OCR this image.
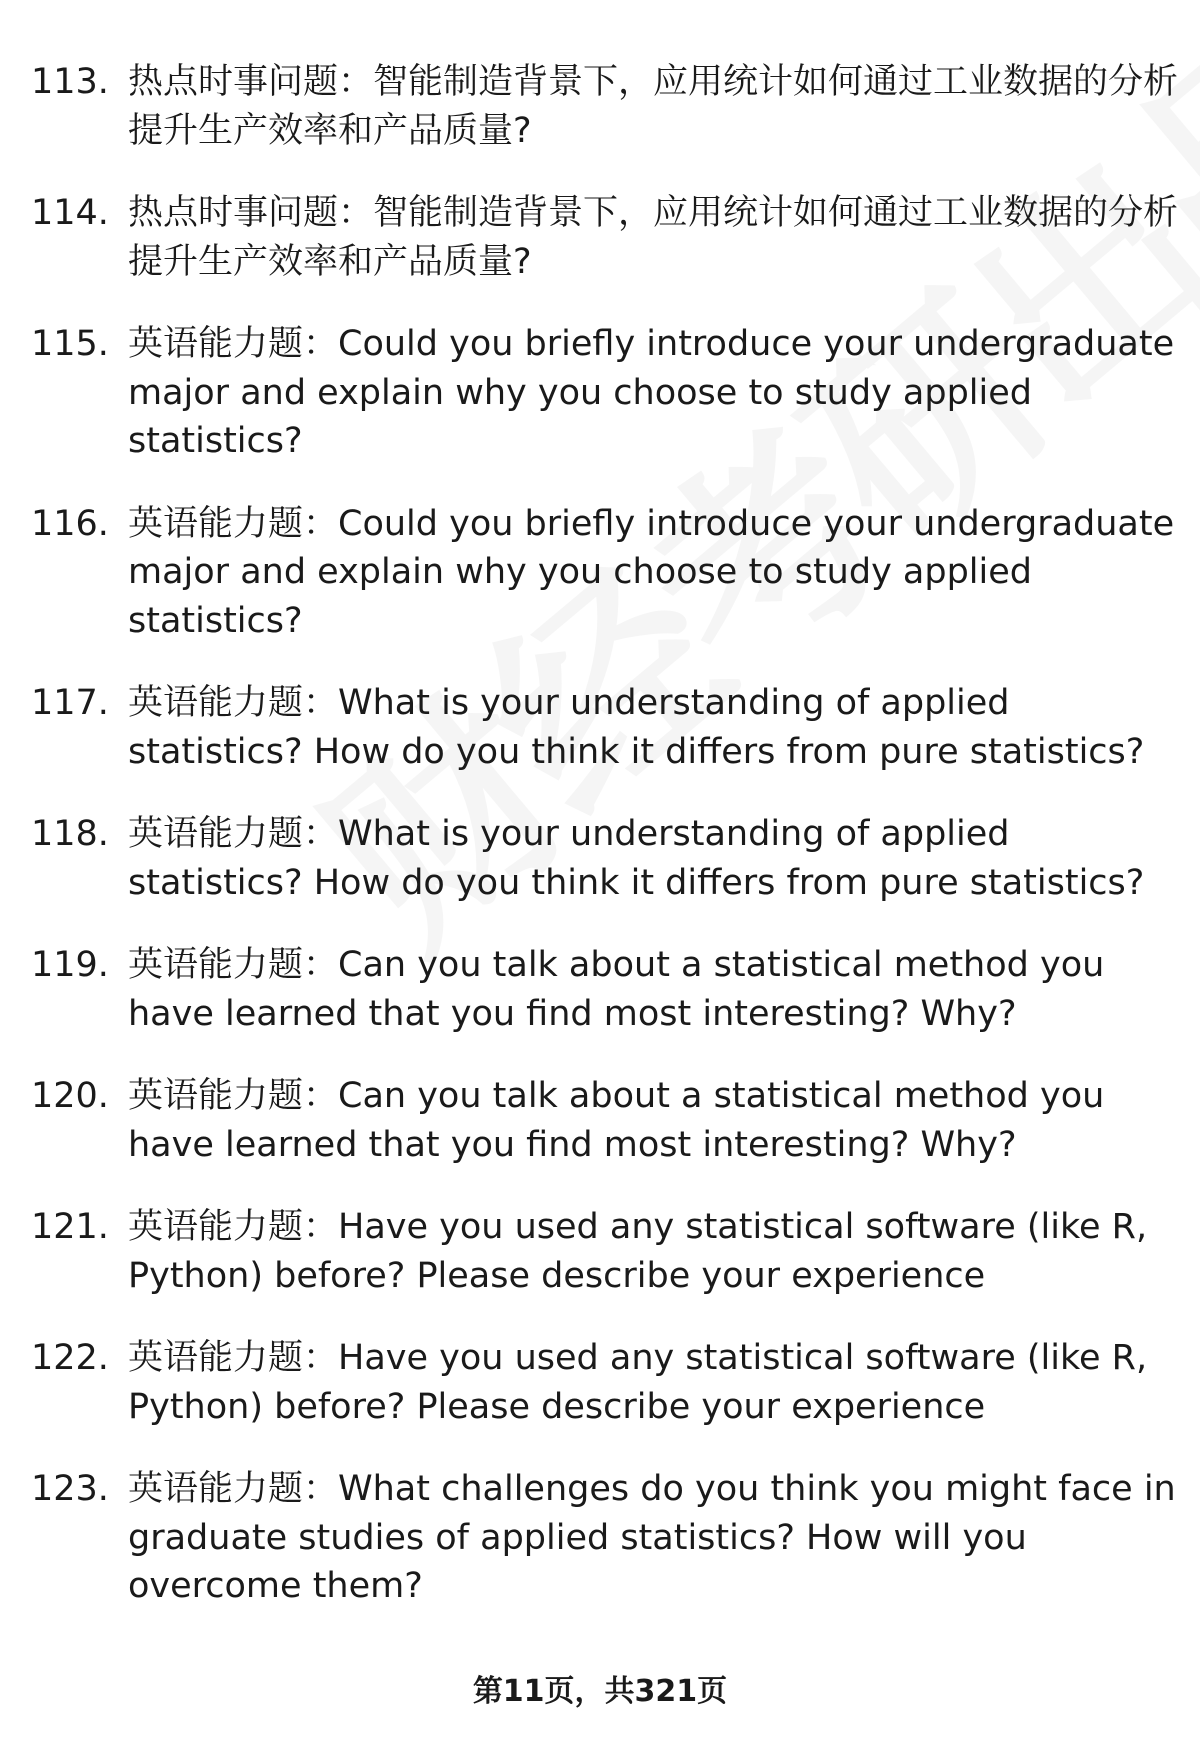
113. 热点时事问题：智能制造背景下，应用统计如何通过工业数据的分析提升生产效率和产品质量?
114. 热点时事问题：智能制造背景下，应用统计如何通过工业数据的分析提升生产效率和产品质量?
115. 英语能力题：Could you briefly introduce your undergraduate major and explain why you choose to study applied statistics?
116. 英语能力题：Could you briefly introduce your undergraduate major and explain why you choose to study applied statistics?
117. 英语能力题：What is your understanding of applied statistics? How do you think it differs from pure statistics?
118. 英语能力题：What is your understanding of applied statistics? How do you think it differs from pure statistics?
119. 英语能力题：Can you talk about a statistical method you have learned that you find most interesting? Why?
120. 英语能力题：Can you talk about a statistical method you have learned that you find most interesting? Why?
121. 英语能力题：Have you used any statistical software (like R, Python) before? Please describe your experience
122. 英语能力题：Have you used any statistical software (like R, Python) before? Please describe your experience
123. 英语能力题：What challenges do you think you might face in graduate studies of applied statistics? How will you overcome them?
第11页，共321页
